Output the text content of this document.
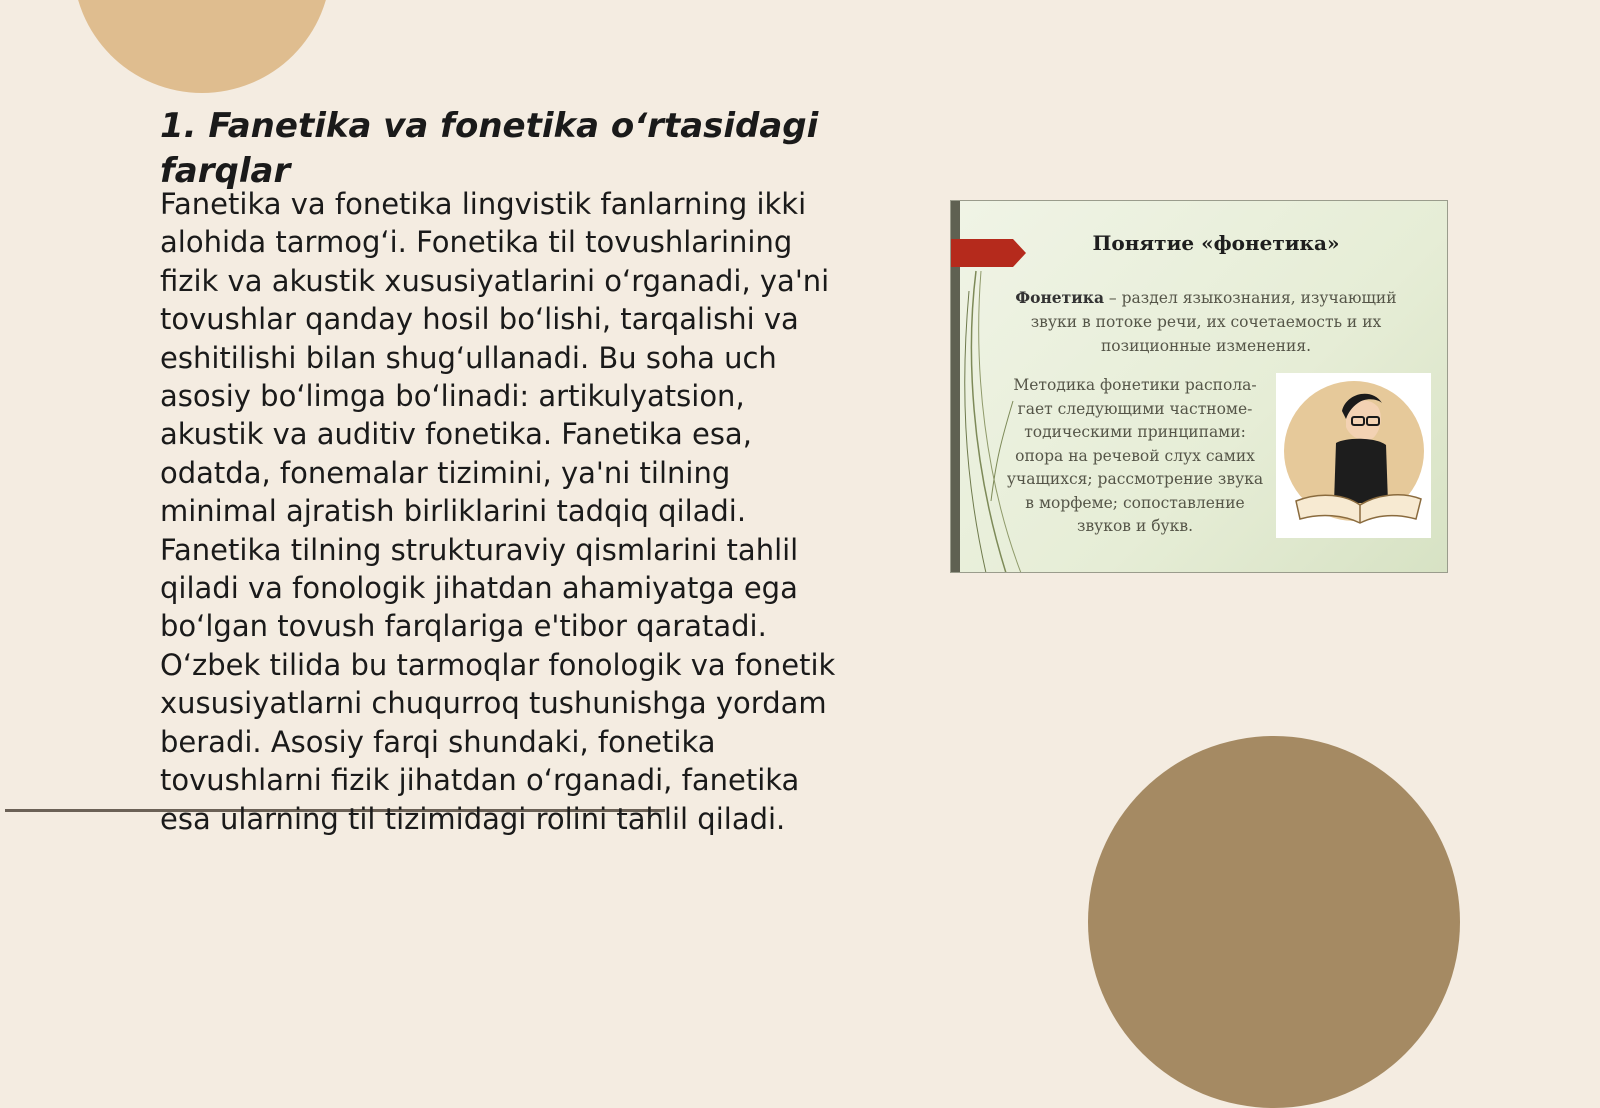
1. Fanetika va fonetika o‘rtasidagi farqlar

Fanetika va fonetika lingvistik fanlarning ikki alohida tarmog‘i. Fonetika til tovushlarining fizik va akustik xususiyatlarini o‘rganadi, ya'ni tovushlar qanday hosil bo‘lishi, tarqalishi va eshitilishi bilan shug‘ullanadi. Bu soha uch asosiy bo‘limga bo‘linadi: artikulyatsion, akustik va auditiv fonetika. Fanetika esa, odatda, fonemalar tizimini, ya'ni tilning minimal ajratish birliklarini tadqiq qiladi. Fanetika tilning strukturaviy qismlarini tahlil qiladi va fonologik jihatdan ahamiyatga ega bo‘lgan tovush farqlariga e'tibor qaratadi. O‘zbek tilida bu tarmoqlar fonologik va fonetik xususiyatlarni chuqurroq tushunishga yordam beradi. Asosiy farqi shundaki, fonetika tovushlarni fizik jihatdan o‘rganadi, fanetika esa ularning til tizimidagi rolini tahlil qiladi.

Понятие «фонетика»
Фонетика – раздел языкознания, изучающий звуки в потоке речи, их сочетаемость и их позиционные изменения.
Методика фонетики распола-
гает следующими частноме-
тодическими принципами:
опора на речевой слух самих
учащихся; рассмотрение звука
в морфеме; сопоставление
звуков и букв.
